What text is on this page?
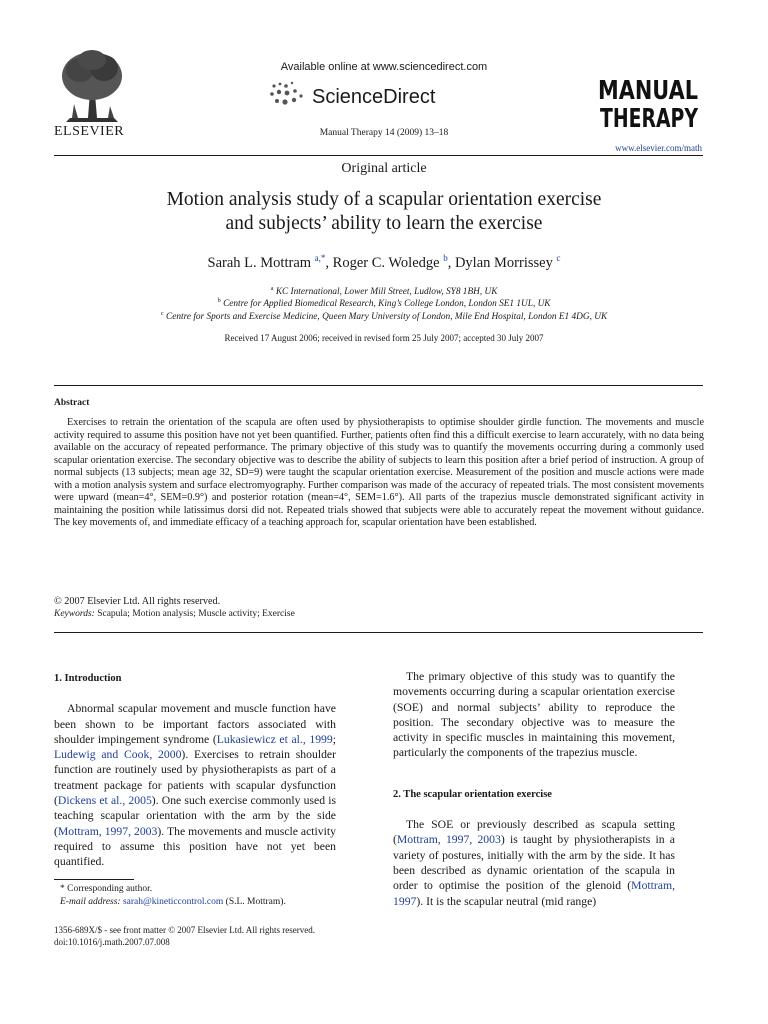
ELSEVIER
Available online at www.sciencedirect.com
ScienceDirect
Manual Therapy 14 (2009) 13–18
MANUAL
THERAPY
www.elsevier.com/math
Original article
Motion analysis study of a scapular orientation exercise
and subjects’ ability to learn the exercise
Sarah L. Mottram $^{a,*}$, Roger C. Woledge $^b$, Dylan Morrissey $^c$
$^a$ KC International, Lower Mill Street, Ludlow, SY8 1BH, UK
$^b$ Centre for Applied Biomedical Research, King’s College London, London SE1 1UL, UK
$^c$ Centre for Sports and Exercise Medicine, Queen Mary University of London, Mile End Hospital, London E1 4DG, UK
Received 17 August 2006; received in revised form 25 July 2007; accepted 30 July 2007
Abstract
Exercises to retrain the orientation of the scapula are often used by physiotherapists to optimise shoulder girdle function. The movements and muscle activity required to assume this position have not yet been quantified. Further, patients often find this a difficult exercise to learn accurately, with no data being available on the accuracy of repeated performance. The primary objective of this study was to quantify the movements occurring during a commonly used scapular orientation exercise. The secondary objective was to describe the ability of subjects to learn this position after a brief period of instruction. A group of normal subjects (13 subjects; mean age 32, SD=9) were taught the scapular orientation exercise. Measurement of the position and muscle actions were made with a motion analysis system and surface electromyography. Further comparison was made of the accuracy of repeated trials. The most consistent movements were upward (mean=4°, SEM=0.9°) and posterior rotation (mean=4°, SEM=1.6°). All parts of the trapezius muscle demonstrated significant activity in maintaining the position while latissimus dorsi did not. Repeated trials showed that subjects were able to accurately repeat the movement without guidance. The key movements of, and immediate efficacy of a teaching approach for, scapular orientation have been established.
© 2007 Elsevier Ltd. All rights reserved.
Keywords: Scapula; Motion analysis; Muscle activity; Exercise
1. Introduction

Abnormal scapular movement and muscle function have been shown to be important factors associated with shoulder impingement syndrome (Lukasiewicz et al., 1999; Ludewig and Cook, 2000). Exercises to retrain shoulder function are routinely used by physiotherapists as part of a treatment package for patients with scapular dysfunction (Dickens et al., 2005). One such exercise commonly used is teaching scapular orientation with the arm by the side (Mottram, 1997, 2003). The movements and muscle activity required to assume this position have not yet been quantified.

* Corresponding author.
E-mail address: sarah@kineticcontrol.com (S.L. Mottram).
1356-689X/$ - see front matter © 2007 Elsevier Ltd. All rights reserved.
doi:10.1016/j.math.2007.07.008

The primary objective of this study was to quantify the movements occurring during a scapular orientation exercise (SOE) and normal subjects’ ability to reproduce the position. The secondary objective was to measure the activity in specific muscles in maintaining this movement, particularly the components of the trapezius muscle.

2. The scapular orientation exercise

The SOE or previously described as scapula setting (Mottram, 1997, 2003) is taught by physiotherapists in a variety of postures, initially with the arm by the side. It has been described as dynamic orientation of the scapula in order to optimise the position of the glenoid (Mottram, 1997). It is the scapular neutral (mid range)
